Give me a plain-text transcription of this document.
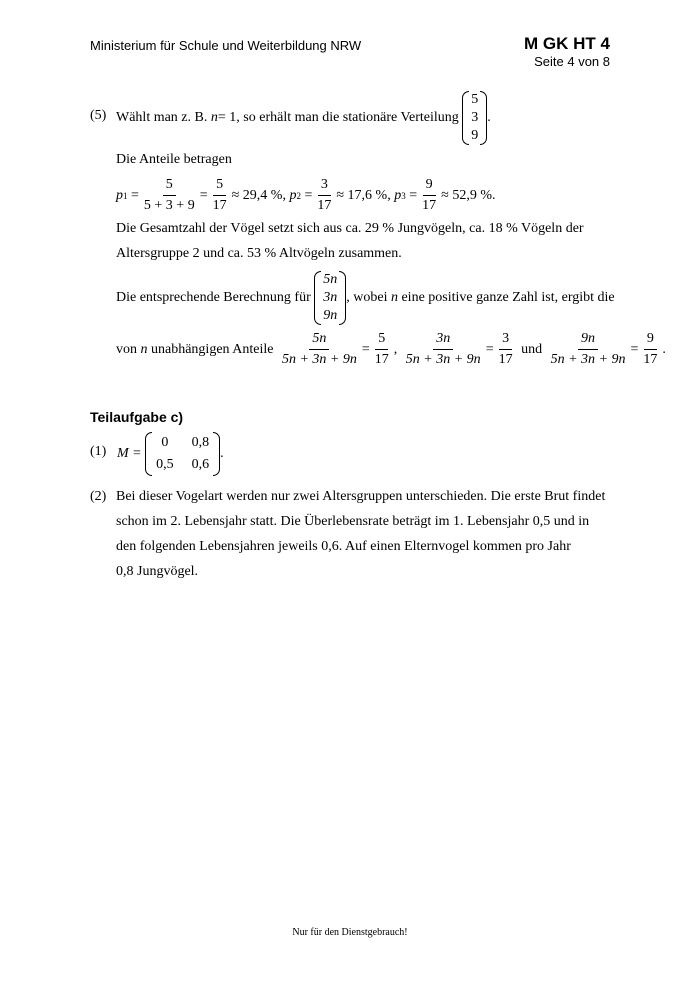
Ministerium für Schule und Weiterbildung NRW	M GK HT 4
Seite 4 von 8
(5) Wählt man z. B.
n = 1 , so erhält man die stationäre Verteilung

5
3
9
.
Die Anteile betragen
p $1 = \frac{5}{5 + 3 + 9} = \frac{5}{17} \approx 29,4$ % ,
p $2 = \frac{3}{17} \approx 17,6$ % ,
p $3 = \frac{9}{17} \approx 52,9$ % .
Die Gesamtzahl der Vögel setzt sich aus ca. 29 % Jungvögeln, ca. 18 % Vögeln der
Altersgruppe 2 und ca. 53 % Altvögeln zusammen.
Die entsprechende Berechnung für

5n
3n
9n
, wobei
n
eine positive ganze Zahl ist, ergibt die
von
n
unabhängigen Anteile
$\frac{5n}{5n + 3n + 9n} = \frac{5}{17}$ ,
$\frac{3n}{5n + 3n + 9n} = \frac{3}{17}$
und
$\frac{9n}{5n + 3n + 9n} = \frac{9}{17}$ .
Teilaufgabe c)
(1) M =

0	0,8
0,5 0,6
.
(2) Bei dieser Vogelart werden nur zwei Altersgruppen unterschieden. Die erste Brut findet
schon im 2. Lebensjahr statt. Die Überlebensrate beträgt im 1. Lebensjahr 0,5 und in
den folgenden Lebensjahren jeweils 0,6. Auf einen Elternvogel kommen pro Jahr
0,8 Jungvögel.
Nur für den Dienstgebrauch!
